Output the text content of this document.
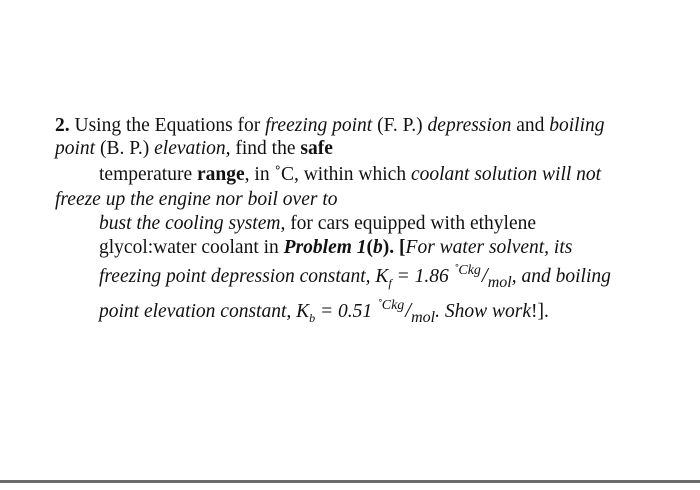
2. Using the Equations for freezing point (F. P.) depression and boiling
point (B. P.) elevation, find the safe
temperature range, in ˚C, within which coolant solution will not
freeze up the engine nor boil over to
bust the cooling system, for cars equipped with ethylene
glycol:water coolant in Problem 1(b). [For water solvent, its
freezing point depression constant, $K_f = 1.86$ $^{˚Ckg}/_{mol}$, and boiling
point elevation constant, $K_b = 0.51$ $^{˚Ckg}/_{mol}$. Show work!].
